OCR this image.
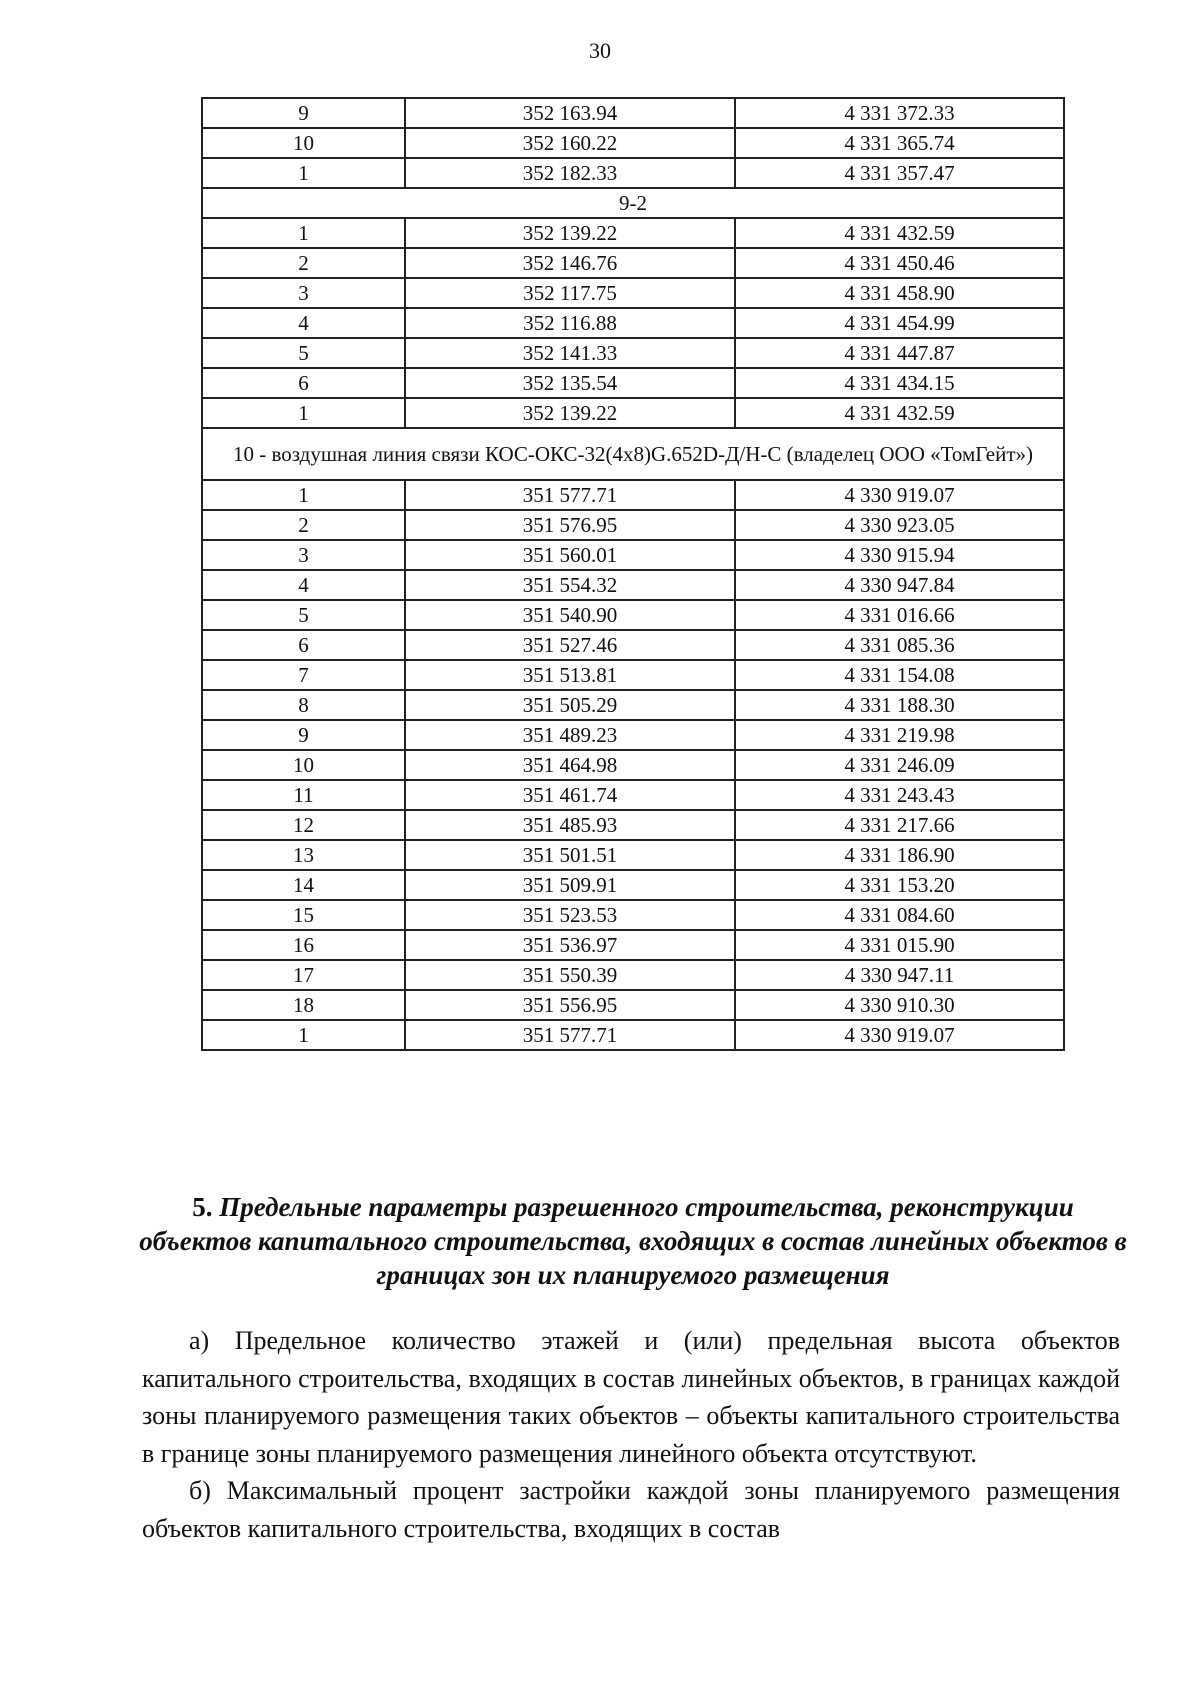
30
9	352 163.94	4 331 372.33
10	352 160.22	4 331 365.74
1	352 182.33	4 331 357.47
9-2		
1	352 139.22	4 331 432.59
2	352 146.76	4 331 450.46
3	352 117.75	4 331 458.90
4	352 116.88	4 331 454.99
5	352 141.33	4 331 447.87
6	352 135.54	4 331 434.15
1	352 139.22	4 331 432.59
10 - воздушная линия связи КОС-ОКС-32(4x8)G.652D-Д/Н-С (владелец ООО «ТомГейт»)		
1	351 577.71	4 330 919.07
2	351 576.95	4 330 923.05
3	351 560.01	4 330 915.94
4	351 554.32	4 330 947.84
5	351 540.90	4 331 016.66
6	351 527.46	4 331 085.36
7	351 513.81	4 331 154.08
8	351 505.29	4 331 188.30
9	351 489.23	4 331 219.98
10	351 464.98	4 331 246.09
11	351 461.74	4 331 243.43
12	351 485.93	4 331 217.66
13	351 501.51	4 331 186.90
14	351 509.91	4 331 153.20
15	351 523.53	4 331 084.60
16	351 536.97	4 331 015.90
17	351 550.39	4 330 947.11
18	351 556.95	4 330 910.30
1	351 577.71	4 330 919.07
5. Предельные параметры разрешенного строительства, реконструкции объектов капитального строительства, входящих в состав линейных объектов в границах зон их планируемого размещения

а) Предельное количество этажей и (или) предельная высота объектов капитального строительства, входящих в состав линейных объектов, в границах каждой зоны планируемого размещения таких объектов – объекты капитального строительства в границе зоны планируемого размещения линейного объекта отсутствуют.

б) Максимальный процент застройки каждой зоны планируемого размещения объектов капитального строительства, входящих в состав
